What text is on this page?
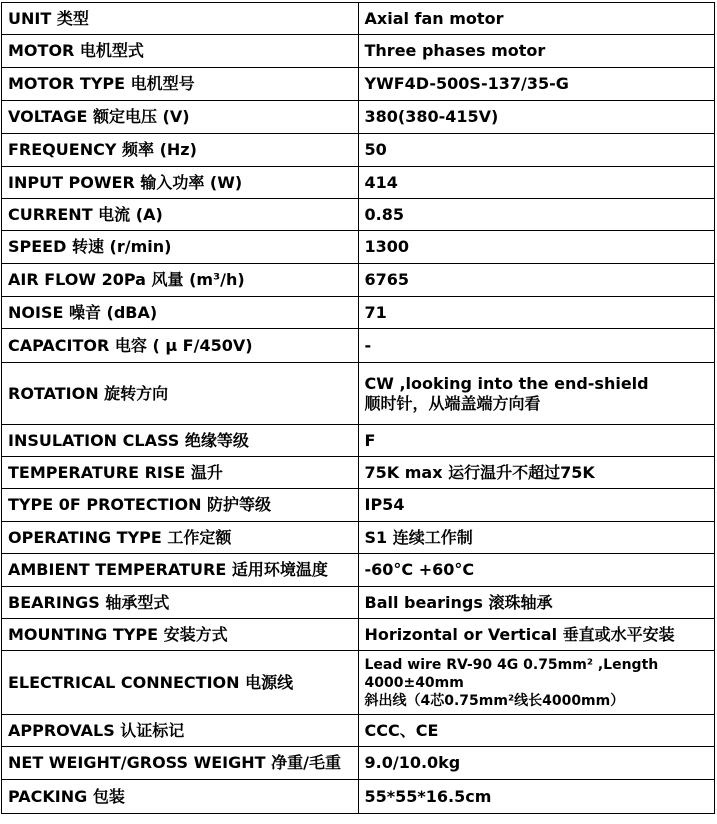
UNIT 类型	Axial fan motor
MOTOR 电机型式	Three phases motor
MOTOR TYPE 电机型号	YWF4D-500S-137/35-G
VOLTAGE 额定电压 (V)	380(380-415V)
FREQUENCY 频率 (Hz)	50
INPUT POWER 输入功率 (W)	414
CURRENT 电流 (A)	0.85
SPEED 转速 (r/min)	1300
AIR FLOW 20Pa 风量 (m³/h)	6765
NOISE 噪音 (dBA)	71
CAPACITOR 电容 ( μ F/450V)	-
ROTATION 旋转方向	CW ,looking into the end-shield
顺时针，从端盖端方向看

INSULATION CLASS 绝缘等级	F
TEMPERATURE RISE 温升	75K max 运行温升不超过75K
TYPE 0F PROTECTION 防护等级	IP54
OPERATING TYPE 工作定额	S1 连续工作制
AMBIENT TEMPERATURE 适用环境温度	-60°C +60°C
BEARINGS 轴承型式	Ball bearings 滚珠轴承
MOUNTING TYPE 安装方式	Horizontal or Vertical 垂直或水平安装
ELECTRICAL CONNECTION 电源线	Lead wire RV-90 4G 0.75mm² ,Length
4000±40mm
斜出线（4芯0.75mm²线长4000mm）

APPROVALS 认证标记	CCC、CE
NET WEIGHT/GROSS WEIGHT 净重/毛重	9.0/10.0kg
PACKING 包装	55*55*16.5cm
